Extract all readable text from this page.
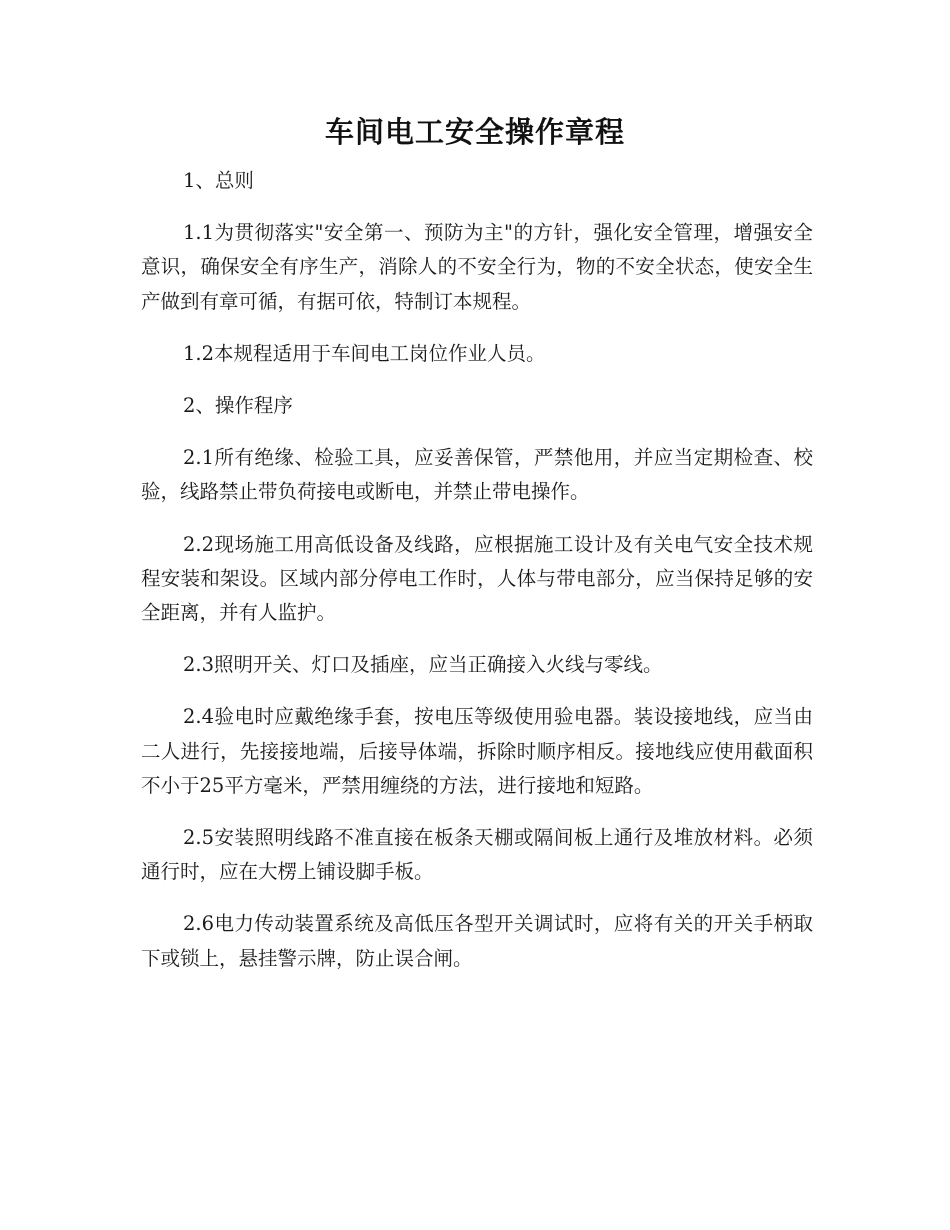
车间电工安全操作章程

1、总则

1.1为贯彻落实"安全第一、预防为主"的方针，强化安全管理，增强安全意识，确保安全有序生产，消除人的不安全行为，物的不安全状态，使安全生产做到有章可循，有据可依，特制订本规程。

1.2本规程适用于车间电工岗位作业人员。

2、操作程序

2.1所有绝缘、检验工具，应妥善保管，严禁他用，并应当定期检查、校验，线路禁止带负荷接电或断电，并禁止带电操作。

2.2现场施工用高低设备及线路，应根据施工设计及有关电气安全技术规程安装和架设。区域内部分停电工作时，人体与带电部分，应当保持足够的安全距离，并有人监护。

2.3照明开关、灯口及插座，应当正确接入火线与零线。

2.4验电时应戴绝缘手套，按电压等级使用验电器。装设接地线，应当由二人进行，先接接地端，后接导体端，拆除时顺序相反。接地线应使用截面积不小于25平方毫米，严禁用缠绕的方法，进行接地和短路。

2.5安装照明线路不准直接在板条天棚或隔间板上通行及堆放材料。必须通行时，应在大楞上铺设脚手板。

2.6电力传动装置系统及高低压各型开关调试时，应将有关的开关手柄取下或锁上，悬挂警示牌，防止误合闸。
